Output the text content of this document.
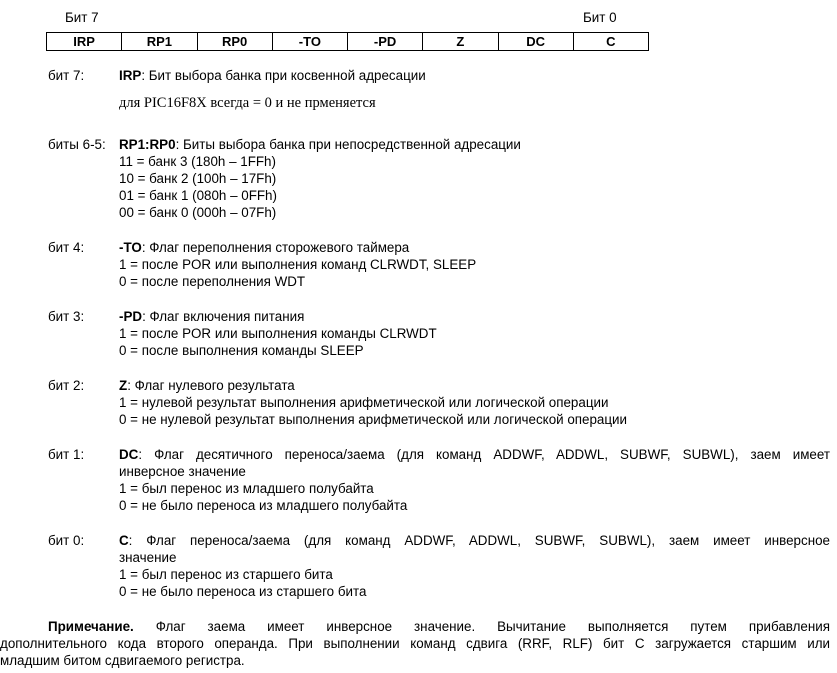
Бит 7	Бит 0
IRP	RP1	RP0	-TO	-PD	Z	DC	C
бит 7:	IRP: Бит выбора банка при косвенной адресации
для PIC16F8X всегда = 0 и не прменяется
биты 6-5: RP1:RP0: Биты выбора банка при непосредственной адресации
11 = банк 3 (180h – 1FFh)
10 = банк 2 (100h – 17Fh)
01 = банк 1 (080h – 0FFh)
00 = банк 0 (000h – 07Fh)
бит 4:	-TO: Флаг переполнения сторожевого таймера
1 = после POR или выполнения команд CLRWDT, SLEEP
0 = после переполнения WDT
бит 3:	-PD: Флаг включения питания
1 = после POR или выполнения команды CLRWDT
0 = после выполнения команды SLEEP
бит 2:	Z: Флаг нулевого результата
1 = нулевой результат выполнения арифметической или логической операции
0 = не нулевой результат выполнения арифметической или логической операции
бит 1:	DC: Флаг десятичного переноса/заема (для команд ADDWF, ADDWL, SUBWF, SUBWL), заем имеет
инверсное значение
1 = был перенос из младшего полубайта
0 = не было переноса из младшего полубайта
бит 0:	C: Флаг переноса/заема (для команд ADDWF, ADDWL, SUBWF, SUBWL), заем имеет инверсное
значение
1 = был перенос из старшего бита
0 = не было переноса из старшего бита
Примечание. Флаг заема имеет инверсное значение. Вычитание выполняется путем прибавления
дополнительного кода второго операнда. При выполнении команд сдвига (RRF, RLF) бит С загружается старшим или
младшим битом сдвигаемого регистра.
